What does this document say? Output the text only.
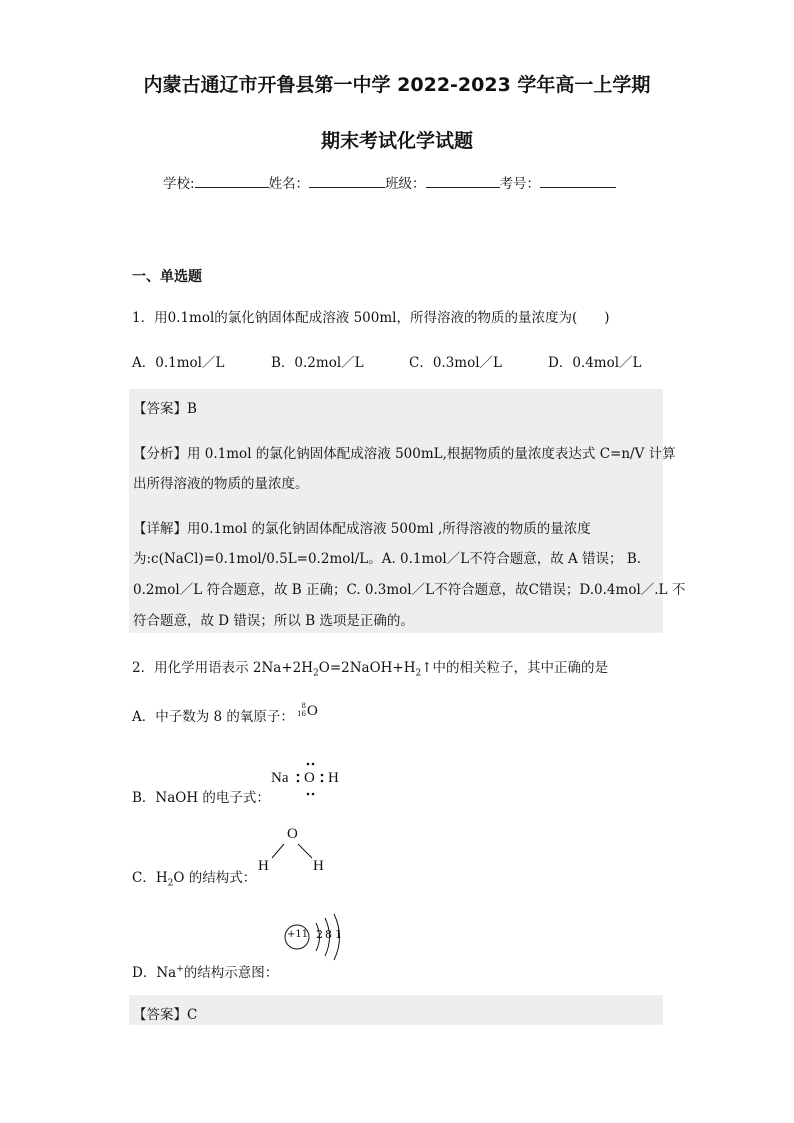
内蒙古通辽市开鲁县第一中学 2022-2023 学年高一上学期
期末考试化学试题
学校:	姓名：	班级：	考号：
一、单选题
1．用0.1mol的氯化钠固体配成溶液 500ml，所得溶液的物质的量浓度为(　　)
A．0.1mol／L	B．0.2mol／L	C．0.3mol／L	D．0.4mol／L
【答案】B
【分析】用 0.1mol 的氯化钠固体配成溶液 500mL,根据物质的量浓度表达式 C=n/V 计算
出所得溶液的物质的量浓度。
【详解】用0.1mol 的氯化钠固体配成溶液 500ml ,所得溶液的物质的量浓度
为:c(NaCl)=0.1mol/0.5L=0.2mol/L。A. 0.1mol／L不符合题意，故 A 错误； B.
0.2mol／L 符合题意，故 B 正确；C. 0.3mol／L不符合题意，故C错误；D.0.4mol／.L 不
符合题意，故 D 错误；所以 B 选项是正确的。
2．用化学用语表示 $2Na+2H_2O=2NaOH+H_2↑$中的相关粒子，其中正确的是
A．中子数为 8 的氧原子：
8
16 O
B．NaOH 的电子式：
Na O H
C．$H_2O$ 的结构式：
O
H	H
D．Na+的结构示意图：
+11 2 8 1
【答案】C
